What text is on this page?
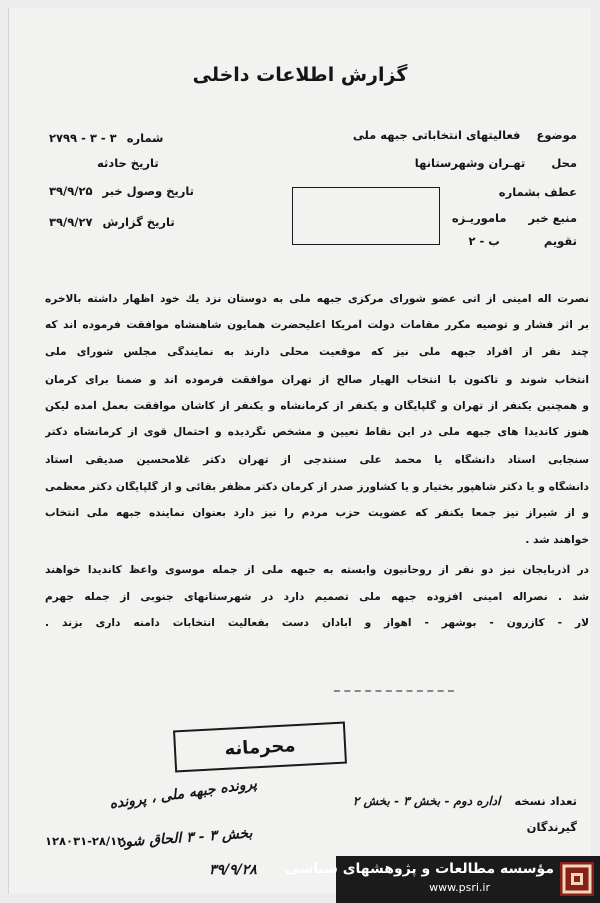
گزارش اطلاعات داخلی
موضوع فعالیتهای انتخاباتی جبهه ملی
محل تهـران وشهرستانها
عطف بشماره
منبع خبر ماموریـزه
تقویم ب - ۲
شماره ۳ - ۳ - ۲۷۹۹
تاریخ حادثه
تاریخ وصول خبر ۳۹/۹/۲۵
تاریخ گزارش ۳۹/۹/۲۷
نصرت اله امینی از اتی عضو شورای مرکزی جبهه ملی به دوستان نزد یك خود اظهار داشته بالاخره
بر اثر فشار و توصیه مکرر مقامات دولت آمریکا اعلیحضرت همایون شاهنشاه موافقت فرموده اند که
چند نفر از افراد جبهه ملی نیز که موقعیت محلی دارند به نمایندگی مجلس شورای ملی
انتخاب شوند و تاکنون با انتخاب الهیار صالح از تهران موافقت فرموده اند و ضمنا برای کرمان
و همچنین یکنفر از تهران و گلپایگان و یکنفر از کرمانشاه و یکنفر از کاشان موافقت بعمل آمده لیکن
هنوز کاندیدا های جبهه ملی در این نقاط تعیین و مشخص نگردیده و احتمال قوی از کرمانشاه دکتر
سنجابی استاد دانشگاه یا محمد علی سنتدجی از تهران دکتر غلامحسین صدیقی استاد
دانشگاه و یا دکتر شاهپور بختیار و یا کشاورز صدر از کرمان دکتر مظفر بقائی و از گلپایگان دکتر معظمی
و از شیراز نیز جمعا یکنفر که عضویت حزب مردم را نیز دارد بعنوان نماینده جبهه ملی انتخاب
خواهند شد .
در آذربایجان نیز دو نفر از روحانیون وابسته به جبهه ملی از جمله موسوی واعظ کاندیدا خواهند
شد . نصراله امینی افزوده جبهه ملی تصمیم دارد در شهرستانهای جنوبی از جمله جهرم
لار - کازرون - بوشهر - اهواز و آبادان دست بفعالیت انتخابات دامنه داری بزند .
محرمانه
تعداد نسخه اداره دوم - بخش ۳ - بخش ۲
گیرندگان
پرونده جبهه ملی ، پرونده
بخش ۳ - ۳ الحاق شود
۳۹/۹/۲۸
۱۲۸۰۳۱-۲۸/۱۲
مؤسسه مطالعات و پژوهشهای سیاسی
www.psri.ir
